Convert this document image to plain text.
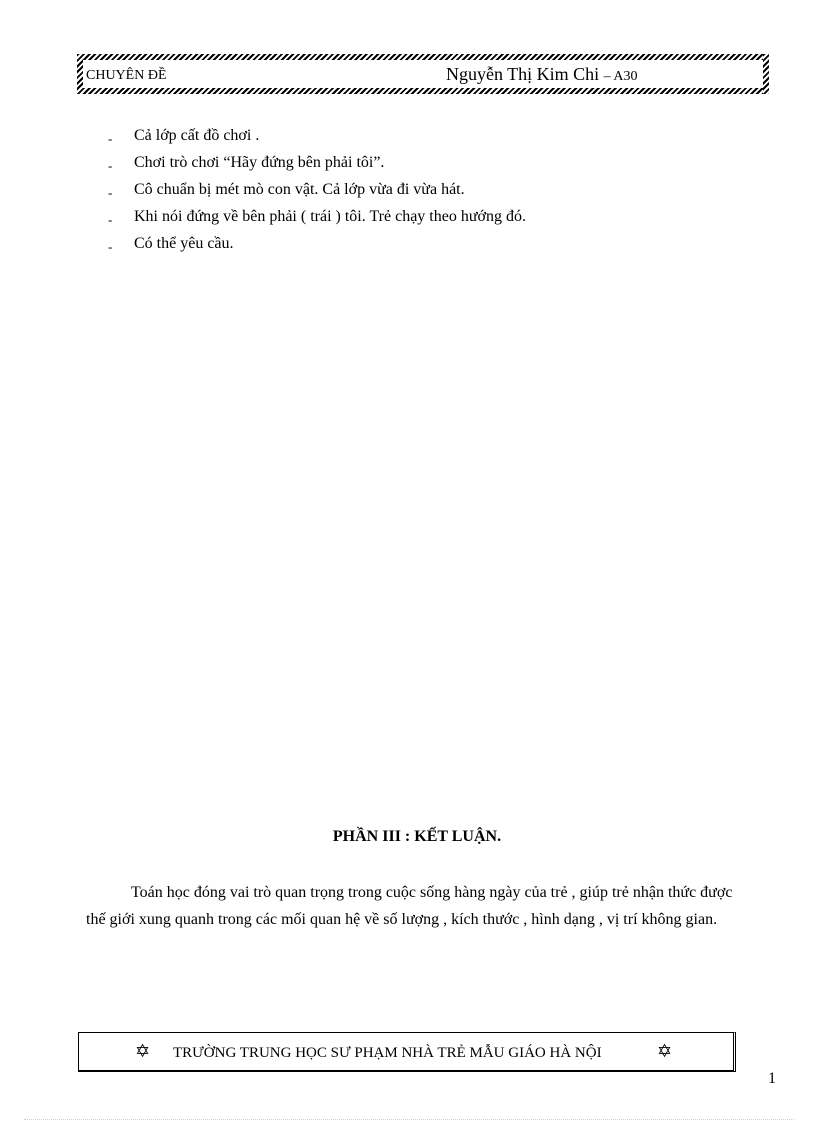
CHUYÊN ĐỀ	Nguyễn Thị Kim Chi – A30
- Cả lớp cất đồ chơi .
- Chơi trò chơi “Hãy đứng bên phải tôi”.
- Cô chuẩn bị mét mò con vật. Cả lớp vừa đi vừa hát.
- Khi nói đứng về bên phải ( trái ) tôi. Trẻ chạy theo hướng đó.
- Có thể yêu cầu.
PHẦN III : KẾT LUẬN.

Toán học đóng vai trò quan trọng trong cuộc sống hàng ngày của trẻ , giúp trẻ nhận thức được thế giới xung quanh trong các mối quan hệ về số lượng , kích thước , hình dạng , vị trí không gian.

✡ TRƯỜNG TRUNG HỌC SƯ PHẠM NHÀ TRẺ MẪU GIÁO HÀ NỘI	✡
1
